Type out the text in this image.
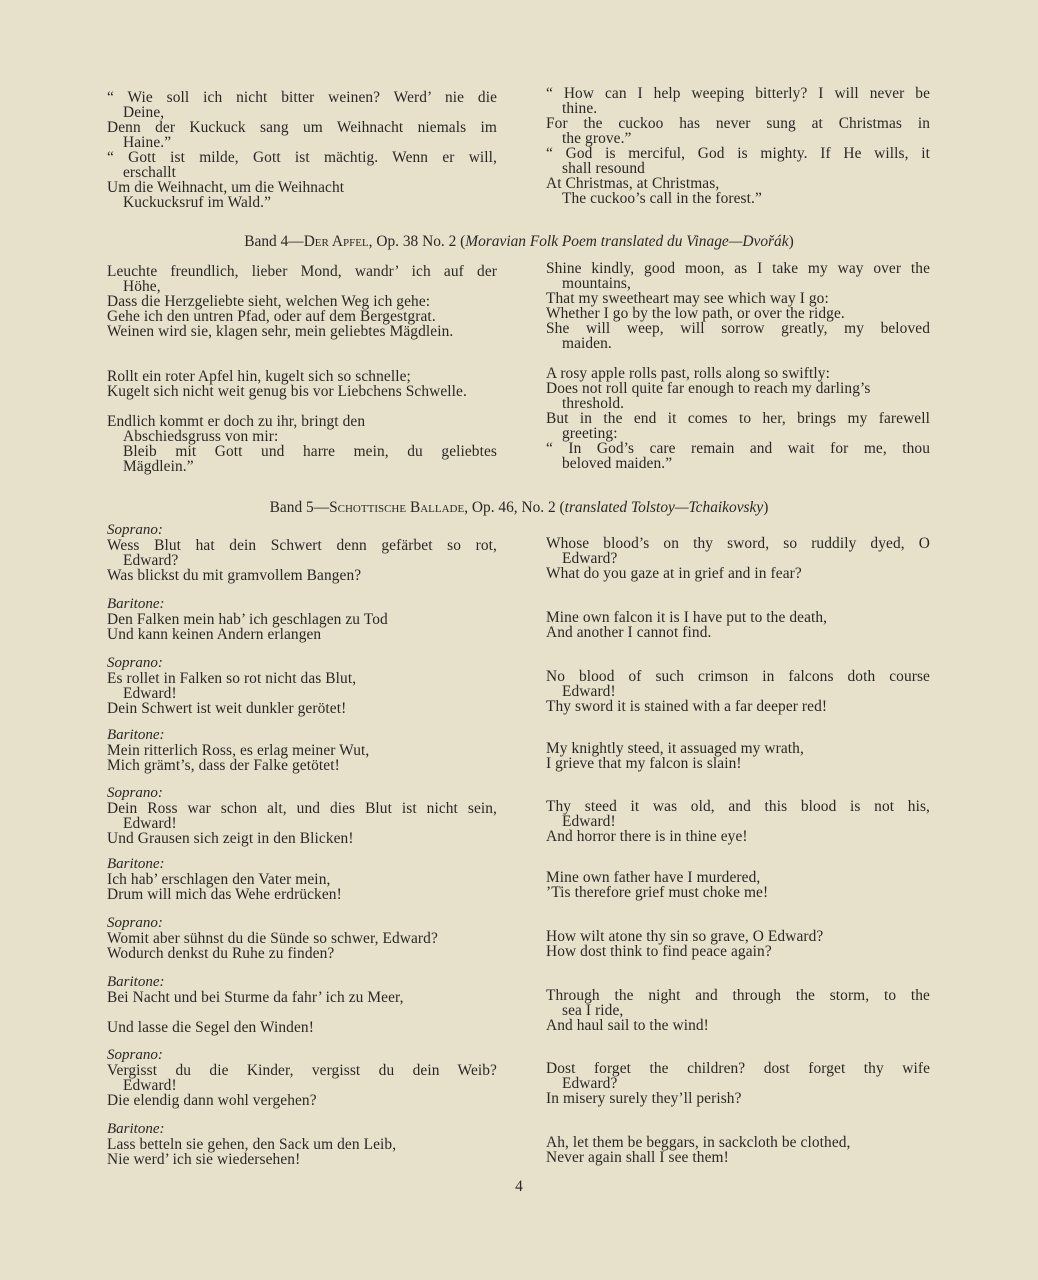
“ Wie soll ich nicht bitter weinen? Werd’ nie die
Deine,
Denn der Kuckuck sang um Weihnacht niemals im
Haine.”
“ Gott ist milde, Gott ist mächtig. Wenn er will,
erschallt
Um die Weihnacht, um die Weihnacht
Kuckucksruf im Wald.”
“ How can I help weeping bitterly? I will never be
thine.
For the cuckoo has never sung at Christmas in
the grove.”
“ God is merciful, God is mighty. If He wills, it
shall resound
At Christmas, at Christmas,
The cuckoo’s call in the forest.”
Band 4—Der Apfel, Op. 38 No. 2 (Moravian Folk Poem translated du Vinage—Dvořák)
Leuchte freundlich, lieber Mond, wandr’ ich auf der
Höhe,
Dass die Herzgeliebte sieht, welchen Weg ich gehe:
Gehe ich den untren Pfad, oder auf dem Bergestgrat.
Weinen wird sie, klagen sehr, mein geliebtes Mägdlein.
Shine kindly, good moon, as I take my way over the
mountains,
That my sweetheart may see which way I go:
Whether I go by the low path, or over the ridge.
She will weep, will sorrow greatly, my beloved
maiden.
Rollt ein roter Apfel hin, kugelt sich so schnelle;
Kugelt sich nicht weit genug bis vor Liebchens Schwelle.
A rosy apple rolls past, rolls along so swiftly:
Does not roll quite far enough to reach my darling’s
threshold.
Endlich kommt er doch zu ihr, bringt den
Abschiedsgruss von mir:
Bleib mit Gott und harre mein, du geliebtes
Mägdlein.”
But in the end it comes to her, brings my farewell
greeting:
“ In God’s care remain and wait for me, thou
beloved maiden.”
Band 5—Schottische Ballade, Op. 46, No. 2 (translated Tolstoy—Tchaikovsky)
Soprano:
Wess Blut hat dein Schwert denn gefärbet so rot,
Edward?
Was blickst du mit gramvollem Bangen?
Whose blood’s on thy sword, so ruddily dyed, O
Edward?
What do you gaze at in grief and in fear?
Baritone:
Den Falken mein hab’ ich geschlagen zu Tod
Und kann keinen Andern erlangen
Mine own falcon it is I have put to the death,
And another I cannot find.
Soprano:
Es rollet in Falken so rot nicht das Blut,
Edward!
Dein Schwert ist weit dunkler gerötet!
No blood of such crimson in falcons doth course
Edward!
Thy sword it is stained with a far deeper red!
Baritone:
Mein ritterlich Ross, es erlag meiner Wut,
Mich grämt’s, dass der Falke getötet!
My knightly steed, it assuaged my wrath,
I grieve that my falcon is slain!
Soprano:
Dein Ross war schon alt, und dies Blut ist nicht sein,
Edward!
Und Grausen sich zeigt in den Blicken!
Thy steed it was old, and this blood is not his,
Edward!
And horror there is in thine eye!
Baritone:
Ich hab’ erschlagen den Vater mein,
Drum will mich das Wehe erdrücken!
Mine own father have I murdered,
’Tis therefore grief must choke me!
Soprano:
Womit aber sühnst du die Sünde so schwer, Edward?
Wodurch denkst du Ruhe zu finden?
How wilt atone thy sin so grave, O Edward?
How dost think to find peace again?
Baritone:
Bei Nacht und bei Sturme da fahr’ ich zu Meer,

Und lasse die Segel den Winden!
Through the night and through the storm, to the
sea I ride,
And haul sail to the wind!
Soprano:
Vergisst du die Kinder, vergisst du dein Weib?
Edward!
Die elendig dann wohl vergehen?
Dost forget the children? dost forget thy wife
Edward?
In misery surely they’ll perish?
Baritone:
Lass betteln sie gehen, den Sack um den Leib,
Nie werd’ ich sie wiedersehen!
Ah, let them be beggars, in sackcloth be clothed,
Never again shall I see them!
4
